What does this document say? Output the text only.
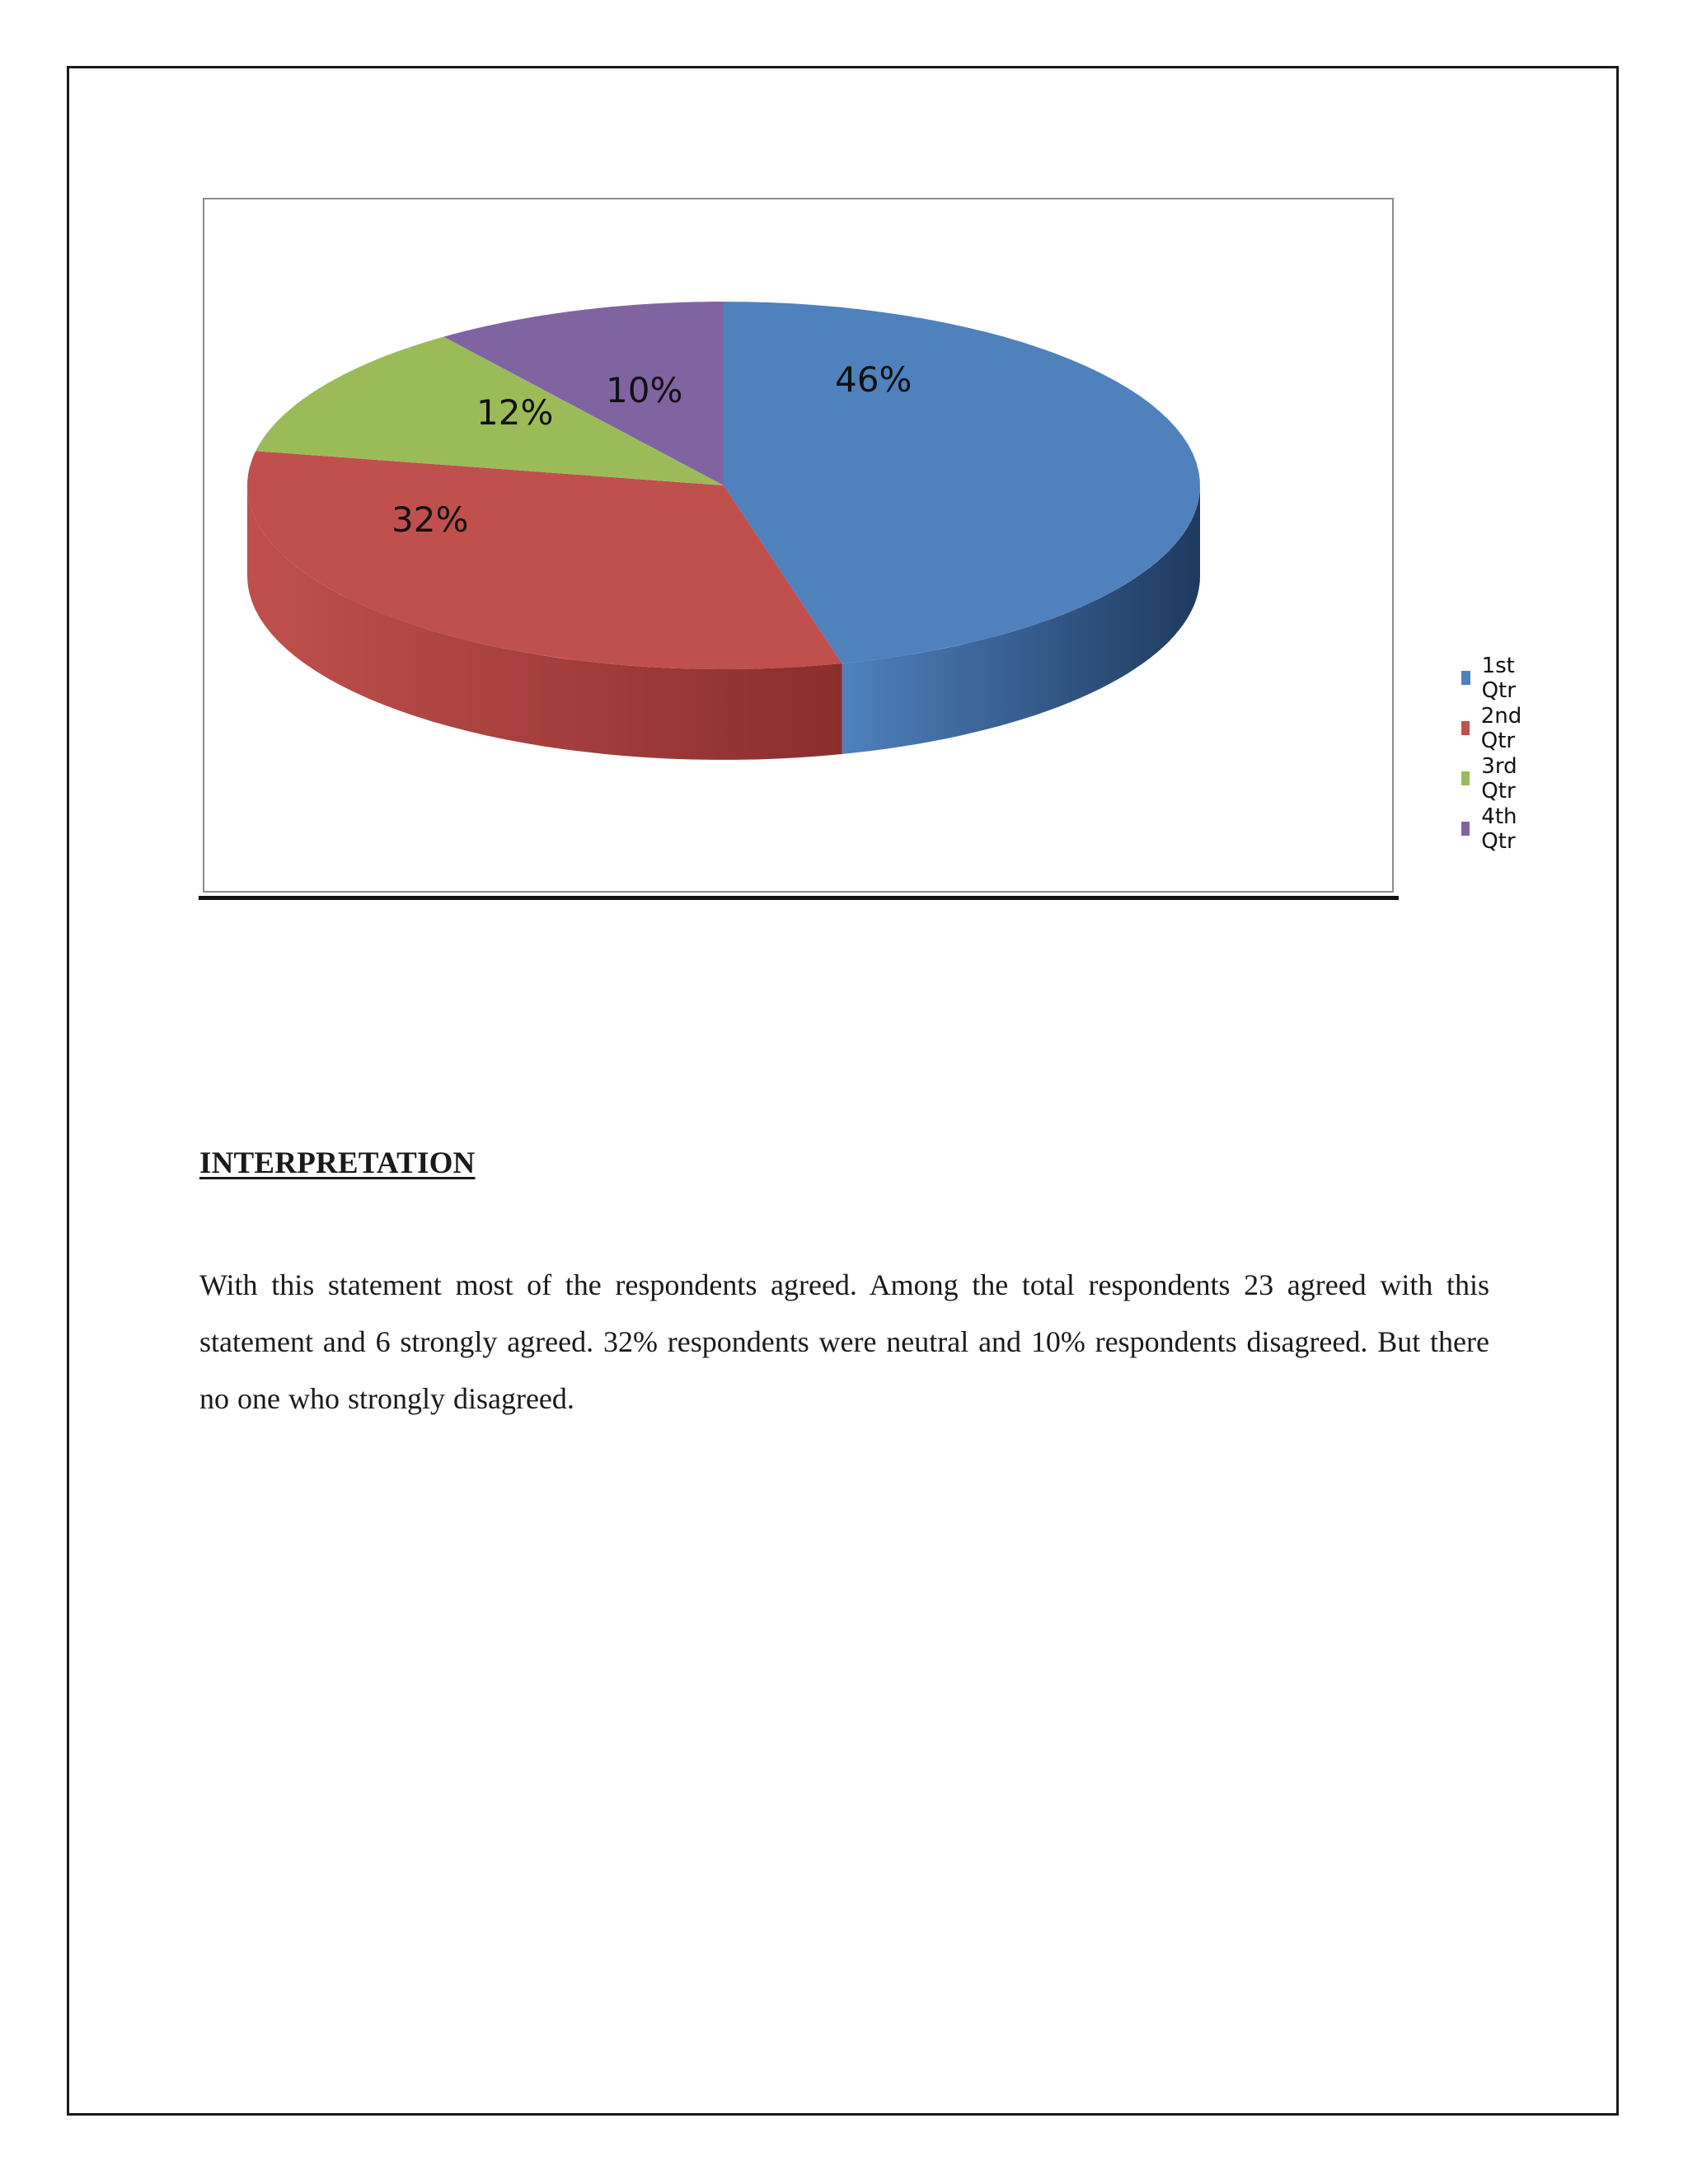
46%
32%
12%
10%
1st Qtr
2nd Qtr
3rd Qtr
4th Qtr
INTERPRETATION
With this statement most of the respondents agreed. Among the total respondents 23 agreed with this statement and 6 strongly agreed. 32% respondents were neutral and 10% respondents disagreed. But there no one who strongly disagreed.
